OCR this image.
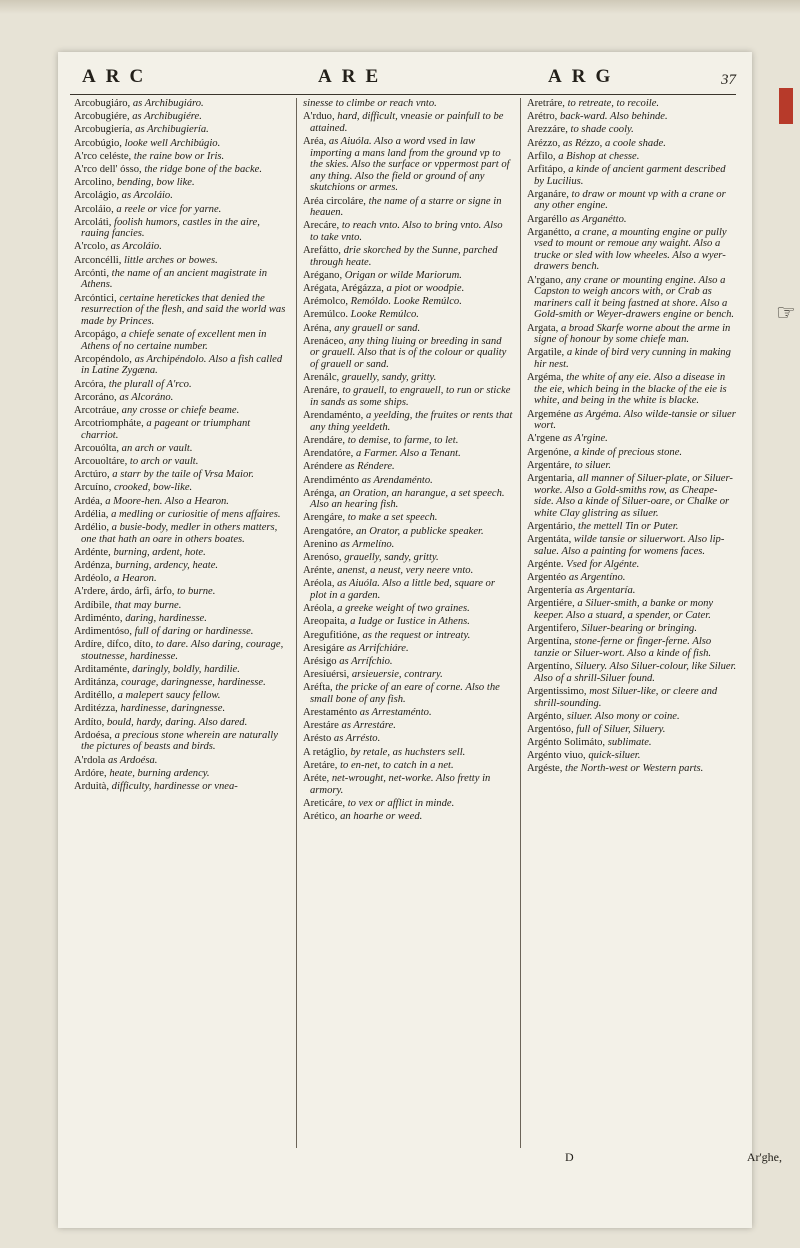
ARC	ARE	ARG	37
Arcobugiáro, as Archibugiáro.
Arcobugiére, as Archibugiére.
Arcobugiería, as Archibugiería.
Arcobúgio, looke well Archibúgio.
A'rco celéste, the raine bow or Iris.
A'rco dell' ósso, the ridge bone of the backe.
Arcolino, bending, bow like.
Arcolágio, as Arcoláio.
Arcoláio, a reele or vice for yarne.
Arcoláti, foolish humors, castles in the aire, rauing fancies.
A'rcolo, as Arcoláio.
Arconcélli, little arches or bowes.
Arcónti, the name of an ancient magistrate in Athens.
Arcóntici, certaine heretickes that denied the resurrection of the flesh, and said the world was made by Princes.
Arcopágo, a chiefe senate of excellent men in Athens of no certaine number.
Arcopéndolo, as Archipéndolo. Also a fish called in Latine Zygæna.
Arcóra, the plurall of A'rco.
Arcoráno, as Alcoráno.
Arcotráue, any crosse or chiefe beame.
Arcotriompháte, a pageant or triumphant charriot.
Arcouólta, an arch or vault.
Arcouoltáre, to arch or vault.
Arctúro, a starr by the taile of Vrsa Maior.
Arcuíno, crooked, bow-like.
Ardéa, a Moore-hen. Also a Hearon.
Ardélia, a medling or curiositie of mens affaires.
Ardélio, a busie-body, medler in others matters, one that hath an oare in others boates.
Ardénte, burning, ardent, hote.
Ardénza, burning, ardency, heate.
Ardéolo, a Hearon.
A'rdere, árdo, árfi, árfo, to burne.
Ardíbile, that may burne.
Ardiménto, daring, hardinesse.
Ardimentóso, full of daring or hardinesse.
Ardíre, dífco, díto, to dare. Also daring, courage, stoutnesse, hardinesse.
Arditaménte, daringly, boldly, hardilie.
Arditánza, courage, daringnesse, hardinesse.
Arditéllo, a malepert saucy fellow.
Arditézza, hardinesse, daringnesse.
Ardíto, bould, hardy, daring. Also dared.
Ardoésa, a precious stone wherein are naturally the pictures of beasts and birds.
A'rdola as Ardoésa.
Ardóre, heate, burning ardency.
Arduità, difficulty, hardinesse or vnea-
sinesse to climbe or reach vnto.
A'rduo, hard, difficult, vneasie or painfull to be attained.
Aréa, as Aiuóla. Also a word vsed in law importing a mans land from the ground vp to the skies. Also the surface or vppermost part of any thing. Also the field or ground of any skutchions or armes.
Aréa circoláre, the name of a starre or signe in heauen.
Arecáre, to reach vnto. Also to bring vnto. Also to take vnto.
Arefátto, drie skorched by the Sunne, parched through heate.
Arégano, Origan or wilde Mariorum.
Arégata, Arégázza, a piot or woodpie.
Arémolco, Remóldo. Looke Remúlco.
Aremúlco. Looke Remúlco.
Aréna, any grauell or sand.
Arenáceo, any thing liuing or breeding in sand or grauell. Also that is of the colour or quality of grauell or sand.
Arenálc, grauelly, sandy, gritty.
Arenáre, to grauell, to engrauell, to run or sticke in sands as some ships.
Arendaménto, a yeelding, the fruites or rents that any thing yeeldeth.
Arendáre, to demise, to farme, to let.
Arendatóre, a Farmer. Also a Tenant.
Aréndere as Réndere.
Arendiménto as Arendaménto.
Arénga, an Oration, an harangue, a set speech. Also an hearing fish.
Arengáre, to make a set speech.
Arengatóre, an Orator, a publicke speaker.
Arenino as Armelíno.
Arenóso, grauelly, sandy, gritty.
Arénte, anenst, a neust, very neere vnto.
Aréola, as Aiuóla. Also a little bed, square or plot in a garden.
Aréola, a greeke weight of two graines.
Areopaita, a Iudge or Iustice in Athens.
Aregufitióne, as the request or intreaty.
Aresigáre as Arrifchiáre.
Arésigo as Arrífchio.
Aresíuérsi, arsieuersie, contrary.
Aréfta, the pricke of an eare of corne. Also the small bone of any fish.
Arestaménto as Arrestaménto.
Arestáre as Arrestáre.
Arésto as Arrésto.
A retáglio, by retale, as huchsters sell.
Aretáre, to en-net, to catch in a net.
Aréte, net-wrought, net-worke. Also fretty in armory.
Areticáre, to vex or afflict in minde.
Arético, an hoarhe or weed.
Aretráre, to retreate, to recoile.
Arétro, back-ward. Also behinde.
Arezzáre, to shade cooly.
Arézzo, as Rézzo, a coole shade.
Arfilo, a Bishop at chesse.
Arfitápo, a kinde of ancient garment described by Lucilius.
Arganáre, to draw or mount vp with a crane or any other engine.
Argaréllo as Arganétto.
Arganétto, a crane, a mounting engine or pully vsed to mount or remoue any waight. Also a trucke or sled with low wheeles. Also a wyer-drawers bench.
A'rgano, any crane or mounting engine. Also a Capston to weigh ancors with, or Crab as mariners call it being fastned at shore. Also a Gold-smith or Weyer-drawers engine or bench.
Argata, a broad Skarfe worne about the arme in signe of honour by some chiefe man.
Argatile, a kinde of bird very cunning in making hir nest.
Argéma, the white of any eie. Also a disease in the eie, which being in the blacke of the eie is white, and being in the white is blacke.
Argeméne as Argéma. Also wilde-tansie or siluer wort.
A'rgene as A'rgine.
Argenóne, a kinde of precious stone.
Argentáre, to siluer.
Argentaria, all manner of Siluer-plate, or Siluer-worke. Also a Gold-smiths row, as Cheape-side. Also a kinde of Siluer-oare, or Chalke or white Clay glistring as siluer.
Argentário, the mettell Tin or Puter.
Argentáta, wilde tansie or siluerwort. Also lip-salue. Also a painting for womens faces.
Argénte. Vsed for Algénte.
Argentéo as Argentíno.
Argentería as Argentaría.
Argentiére, a Siluer-smith, a banke or mony keeper. Also a stuard, a spender, or Cater.
Argentifero, Siluer-bearing or bringing.
Argentína, stone-ferne or finger-ferne. Also tanzie or Siluer-wort. Also a kinde of fish.
Argentíno, Siluery. Also Siluer-colour, like Siluer. Also of a shrill-Siluer found.
Argentissimo, most Siluer-like, or cleere and shrill-sounding.
Argénto, siluer. Also mony or coine.
Argentóso, full of Siluer, Siluery.
Argénto Solimáto, sublimate.
Argénto viuo, quick-siluer.
Argéste, the North-west or Western parts.
D	Ar'ghe,
☞
